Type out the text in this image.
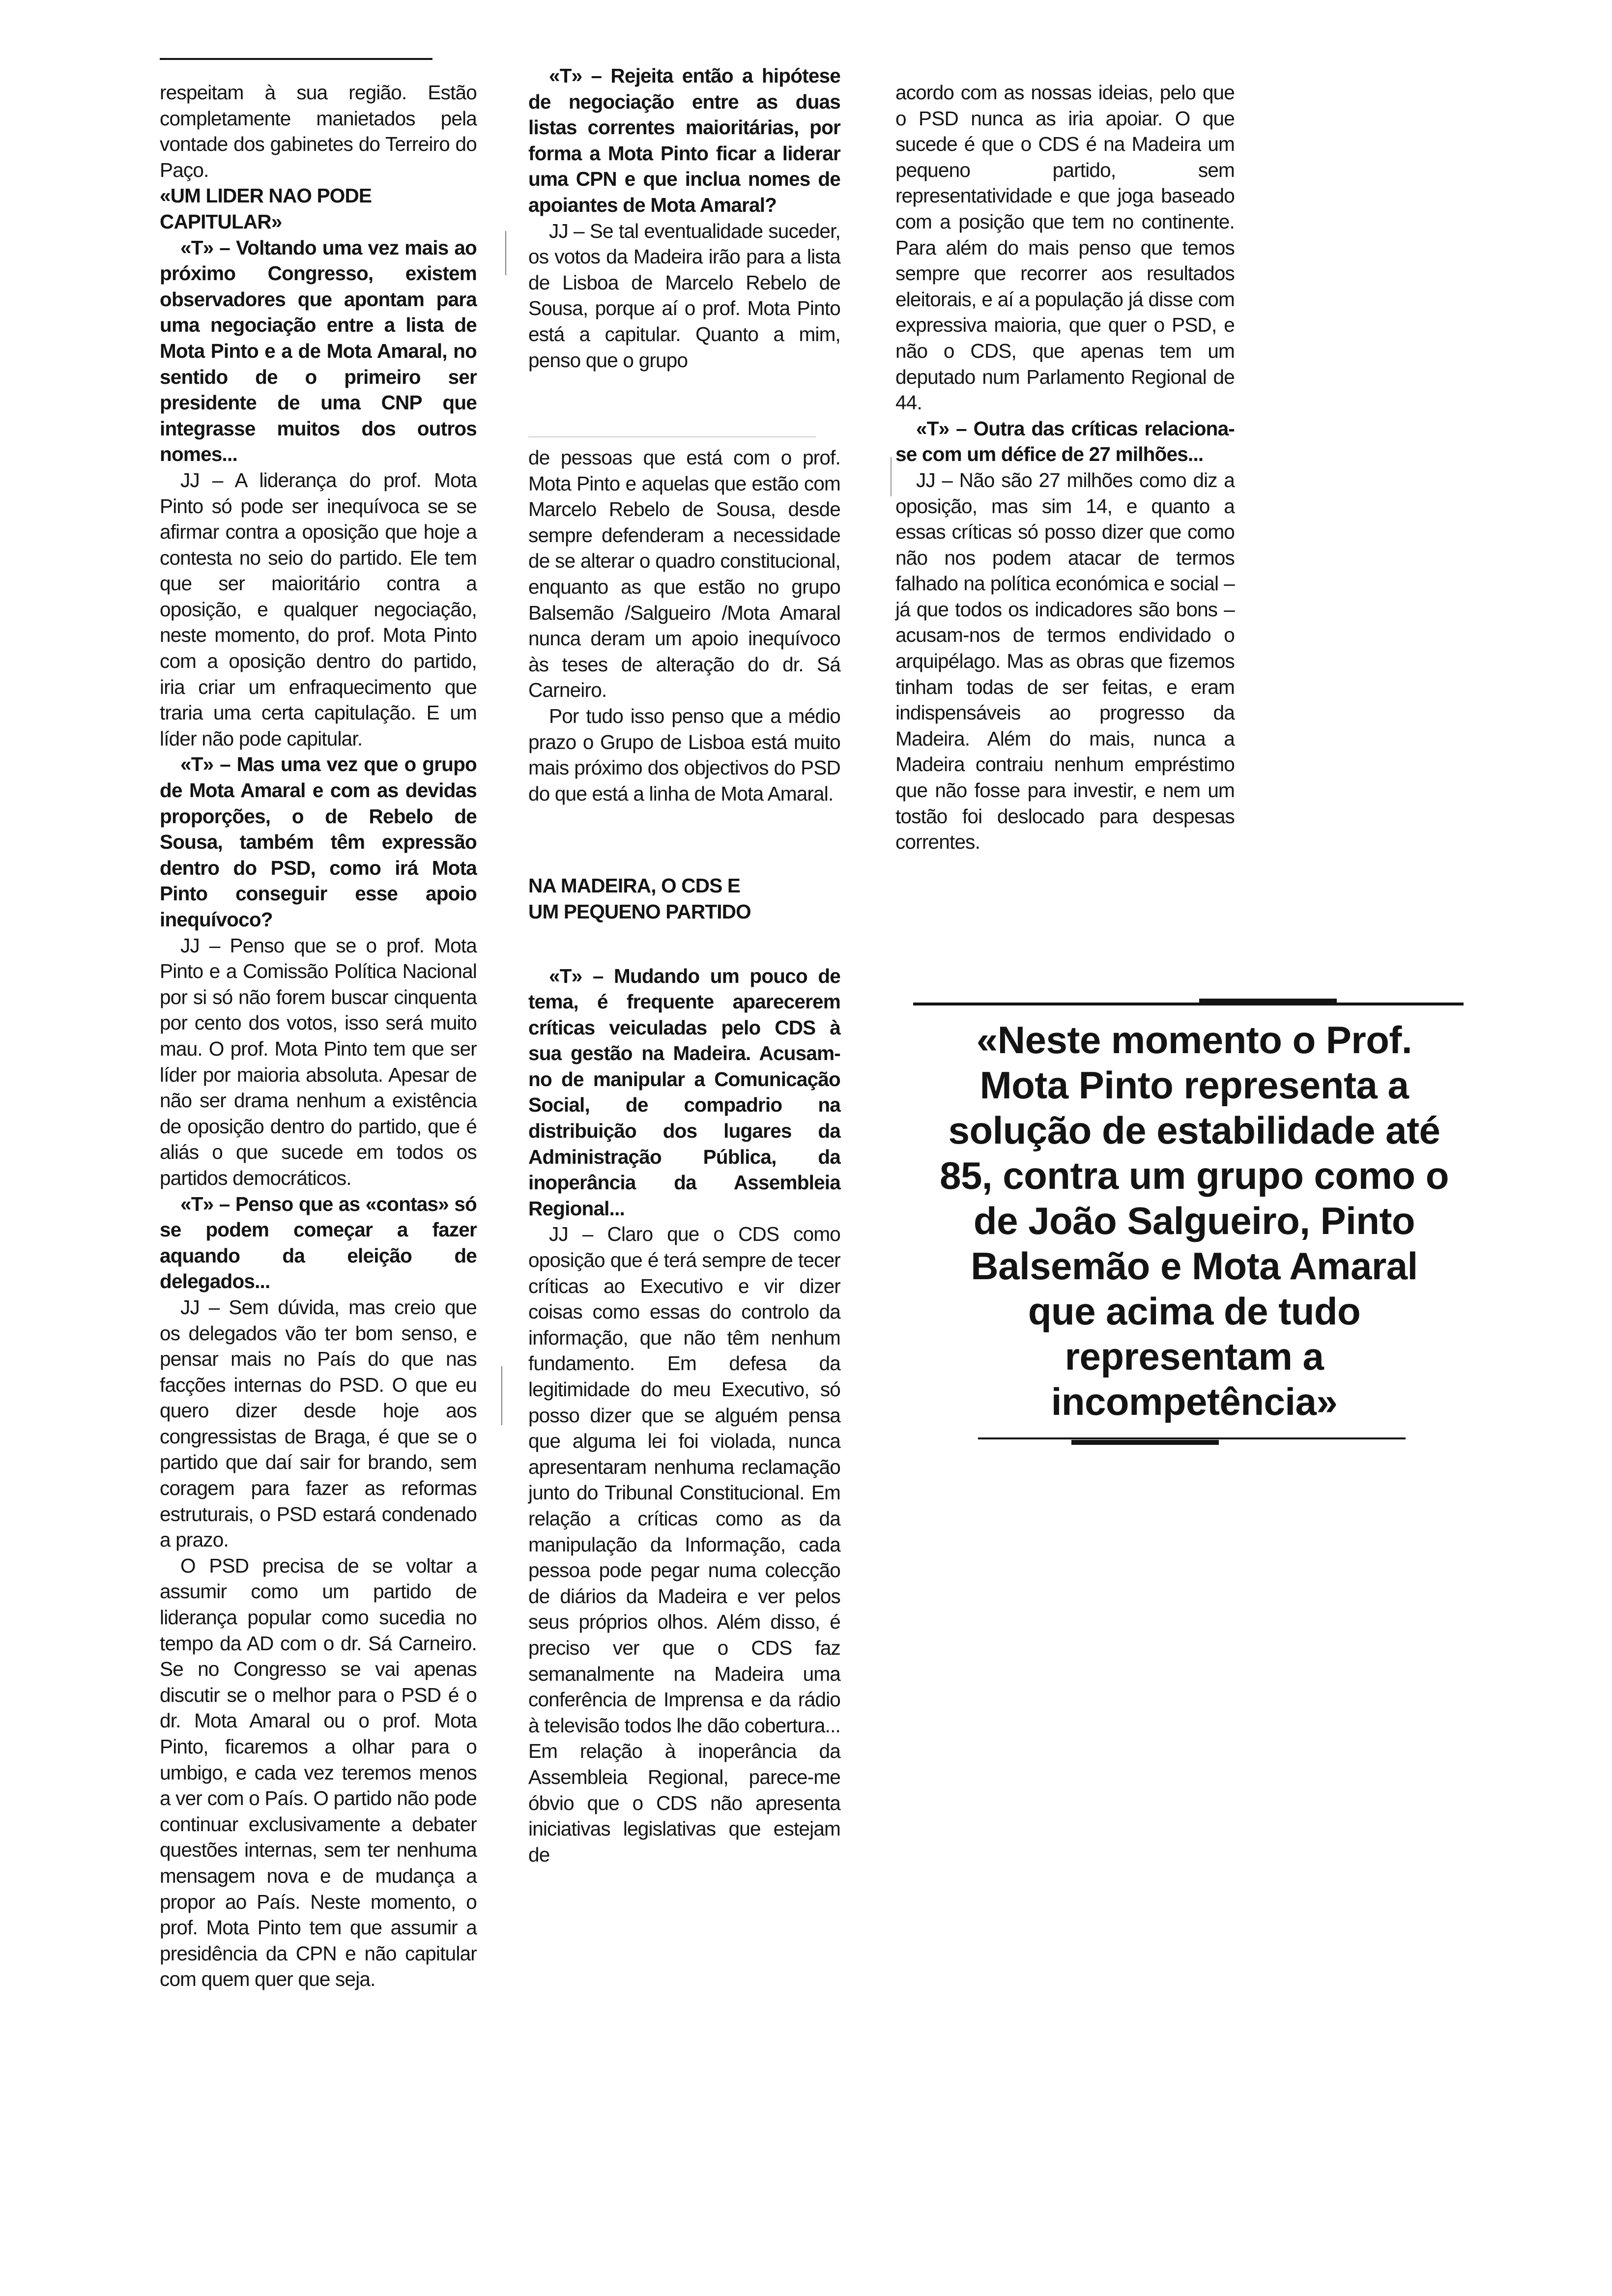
respeitam à sua região. Estão completamente manietados pela vontade dos gabinetes do Terreiro do Paço.

«UM LIDER NAO PODE CAPITULAR»

«T» – Voltando uma vez mais ao próximo Congresso, existem observadores que apontam para uma negociação entre a lista de Mota Pinto e a de Mota Amaral, no sentido de o primeiro ser presidente de uma CNP que integrasse muitos dos outros nomes...

JJ – A liderança do prof. Mota Pinto só pode ser inequívoca se se afirmar contra a oposição que hoje a contesta no seio do partido. Ele tem que ser maioritário contra a oposição, e qualquer negociação, neste momento, do prof. Mota Pinto com a oposição dentro do partido, iria criar um enfraquecimento que traria uma certa capitulação. E um líder não pode capitular.

«T» – Mas uma vez que o grupo de Mota Amaral e com as devidas proporções, o de Rebelo de Sousa, também têm expressão dentro do PSD, como irá Mota Pinto conseguir esse apoio inequívoco?

JJ – Penso que se o prof. Mota Pinto e a Comissão Política Nacional por si só não forem buscar cinquenta por cento dos votos, isso será muito mau. O prof. Mota Pinto tem que ser líder por maioria absoluta. Apesar de não ser drama nenhum a existência de oposição dentro do partido, que é aliás o que sucede em todos os partidos democráticos.

«T» – Penso que as «contas» só se podem começar a fazer aquando da eleição de delegados...

JJ – Sem dúvida, mas creio que os delegados vão ter bom senso, e pensar mais no País do que nas facções internas do PSD. O que eu quero dizer desde hoje aos congressistas de Braga, é que se o partido que daí sair for brando, sem coragem para fazer as reformas estruturais, o PSD estará condenado a prazo.

O PSD precisa de se voltar a assumir como um partido de liderança popular como sucedia no tempo da AD com o dr. Sá Carneiro. Se no Congresso se vai apenas discutir se o melhor para o PSD é o dr. Mota Amaral ou o prof. Mota Pinto, ficaremos a olhar para o umbigo, e cada vez teremos menos a ver com o País. O partido não pode continuar exclusivamente a debater questões internas, sem ter nenhuma mensagem nova e de mudança a propor ao País. Neste momento, o prof. Mota Pinto tem que assumir a presidência da CPN e não capitular com quem quer que seja.

«T» – Rejeita então a hipótese de negociação entre as duas listas correntes maioritárias, por forma a Mota Pinto ficar a liderar uma CPN e que inclua nomes de apoiantes de Mota Amaral?

JJ – Se tal eventualidade suceder, os votos da Madeira irão para a lista de Lisboa de Marcelo Rebelo de Sousa, porque aí o prof. Mota Pinto está a capitular. Quanto a mim, penso que o grupo

de pessoas que está com o prof. Mota Pinto e aquelas que estão com Marcelo Rebelo de Sousa, desde sempre defenderam a necessidade de se alterar o quadro constitucional, enquanto as que estão no grupo Balsemão /Salgueiro /Mota Amaral nunca deram um apoio inequívoco às teses de alteração do dr. Sá Carneiro.

Por tudo isso penso que a médio prazo o Grupo de Lisboa está muito mais próximo dos objectivos do PSD do que está a linha de Mota Amaral.

NA MADEIRA, O CDS E UM PEQUENO PARTIDO

«T» – Mudando um pouco de tema, é frequente aparecerem críticas veiculadas pelo CDS à sua gestão na Madeira. Acusam-no de manipular a Comunicação Social, de compadrio na distribuição dos lugares da Administração Pública, da inoperância da Assembleia Regional...

JJ – Claro que o CDS como oposição que é terá sempre de tecer críticas ao Executivo e vir dizer coisas como essas do controlo da informação, que não têm nenhum fundamento. Em defesa da legitimidade do meu Executivo, só posso dizer que se alguém pensa que alguma lei foi violada, nunca apresentaram nenhuma reclamação junto do Tribunal Constitucional. Em relação a críticas como as da manipulação da Informação, cada pessoa pode pegar numa colecção de diários da Madeira e ver pelos seus próprios olhos. Além disso, é preciso ver que o CDS faz semanalmente na Madeira uma conferência de Imprensa e da rádio à televisão todos lhe dão cobertura... Em relação à inoperância da Assembleia Regional, parece-me óbvio que o CDS não apresenta iniciativas legislativas que estejam de

acordo com as nossas ideias, pelo que o PSD nunca as iria apoiar. O que sucede é que o CDS é na Madeira um pequeno partido, sem representatividade e que joga baseado com a posição que tem no continente. Para além do mais penso que temos sempre que recorrer aos resultados eleitorais, e aí a população já disse com expressiva maioria, que quer o PSD, e não o CDS, que apenas tem um deputado num Parlamento Regional de 44.

«T» – Outra das críticas relaciona-se com um défice de 27 milhões...

JJ – Não são 27 milhões como diz a oposição, mas sim 14, e quanto a essas críticas só posso dizer que como não nos podem atacar de termos falhado na política económica e social – já que todos os indicadores são bons – acusam-nos de termos endividado o arquipélago. Mas as obras que fizemos tinham todas de ser feitas, e eram indispensáveis ao progresso da Madeira. Além do mais, nunca a Madeira contraiu nenhum empréstimo que não fosse para investir, e nem um tostão foi deslocado para despesas correntes.

«Neste momento o Prof. Mota Pinto representa a solução de estabilidade até 85, contra um grupo como o de João Salgueiro, Pinto Balsemão e Mota Amaral que acima de tudo representam a incompetência»
